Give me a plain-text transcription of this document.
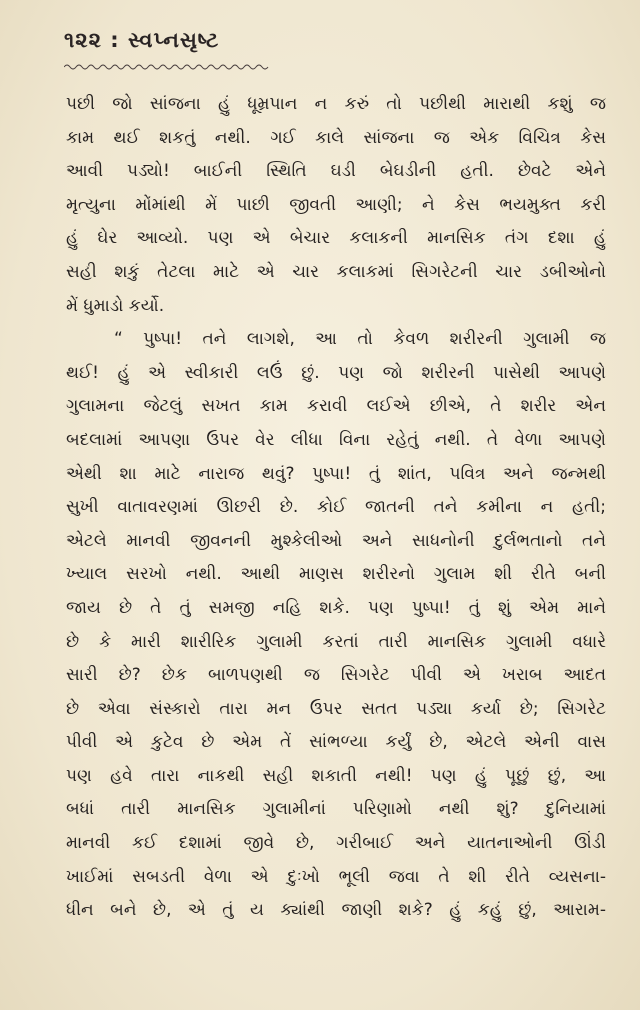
૧૨૨ : સ્વપ્નસૃષ્ટ
પછી જો સાંજના હું ધૂમ્રપાન ન કરું તો પછીથી મારાથી કશું જ
કામ થઈ શકતું નથી. ગઈ કાલે સાંજના જ એક વિચિત્ર કેસ
આવી પડ્યો! બાઈની સ્થિતિ ઘડી બેઘડીની હતી. છેવટે એને
મૃત્યુના મોંમાંથી મેં પાછી જીવતી આણી; ને કેસ ભયમુક્ત કરી
હું ઘેર આવ્યો. પણ એ બેચાર કલાકની માનસિક તંગ દશા હું
સહી શકું તેટલા માટે એ ચાર કલાકમાં સિગરેટની ચાર ડબીઓનો
મેં ધુમાડો કર્યો.
“ પુષ્પા! તને લાગશે, આ તો કેવળ શરીરની ગુલામી જ
થઈ! હું એ સ્વીકારી લઉં છું. પણ જો શરીરની પાસેથી આપણે
ગુલામના જેટલું સખત કામ કરાવી લઈએ છીએ, તે શરીર એન
બદલામાં આપણા ઉપર વેર લીધા વિના રહેતું નથી. તે વેળા આપણે
એથી શા માટે નારાજ થવું? પુષ્પા! તું શાંત, પવિત્ર અને જન્મથી
સુખી વાતાવરણમાં ઊછરી છે. કોઈ જાતની તને કમીના ન હતી;
એટલે માનવી જીવનની મુશ્કેલીઓ અને સાધનોની દુર્લભતાનો તને
ખ્યાલ સરખો નથી. આથી માણસ શરીરનો ગુલામ શી રીતે બની
જાય છે તે તું સમજી નહિ શકે. પણ પુષ્પા! તું શું એમ માને
છે કે મારી શારીરિક ગુલામી કરતાં તારી માનસિક ગુલામી વધારે
સારી છે? છેક બાળપણથી જ સિગરેટ પીવી એ ખરાબ આદત
છે એવા સંસ્કારો તારા મન ઉપર સતત પડ્યા કર્યા છે; સિગરેટ
પીવી એ કુટેવ છે એમ તેં સાંભળ્યા કર્યું છે, એટલે એની વાસ
પણ હવે તારા નાકથી સહી શકાતી નથી! પણ હું પૂછું છું, આ
બધાં તારી માનસિક ગુલામીનાં પરિણામો નથી શું? દુનિયામાં
માનવી કઈ દશામાં જીવે છે, ગરીબાઈ અને યાતનાઓની ઊંડી
ખાઈમાં સબડતી વેળા એ દુઃખો ભૂલી જવા તે શી રીતે વ્યસના-
ધીન બને છે, એ તું ય ક્યાંથી જાણી શકે? હું કહું છું, આરામ-
